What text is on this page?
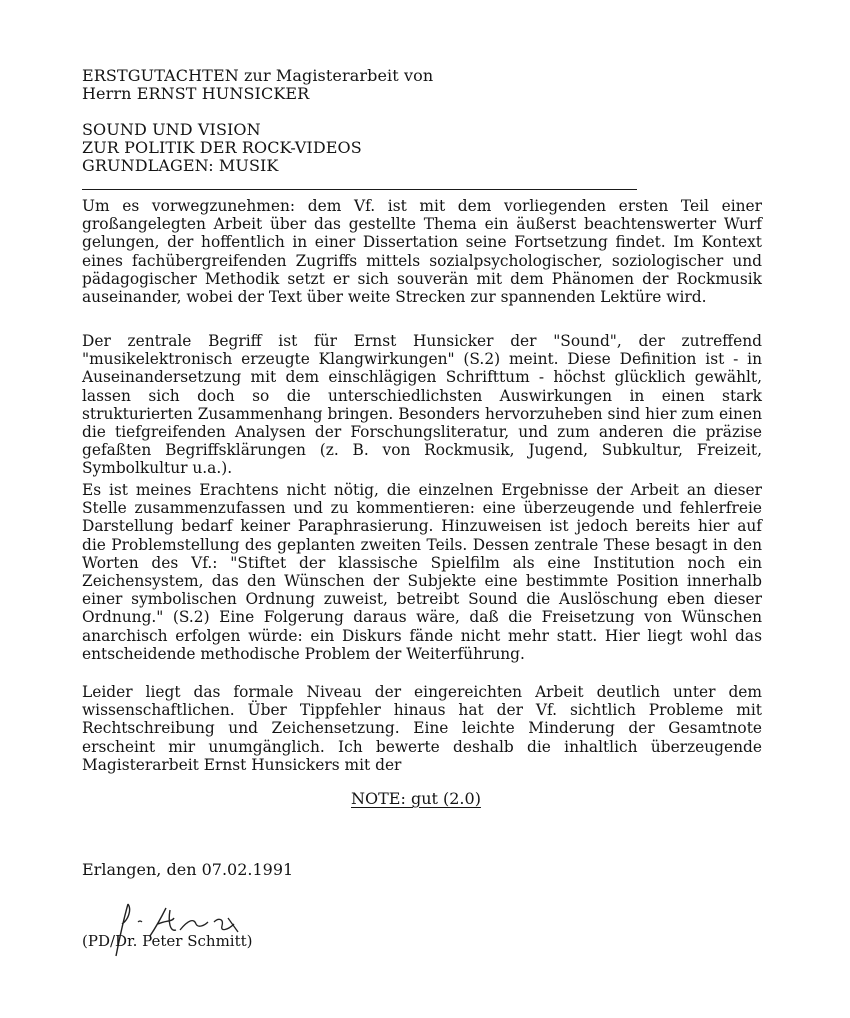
ERSTGUTACHTEN zur Magisterarbeit von
Herrn ERNST HUNSICKER
SOUND UND VISION
ZUR POLITIK DER ROCK-VIDEOS
GRUNDLAGEN: MUSIK

Um es vorwegzunehmen: dem Vf. ist mit dem vorliegenden ersten Teil einer großangelegten Arbeit über das gestellte Thema ein äußerst beachtenswerter Wurf gelungen, der hoffentlich in einer Dissertation seine Fortsetzung findet. Im Kontext eines fachübergreifenden Zugriffs mittels sozialpsychologischer, soziologischer und pädagogischer Methodik setzt er sich souverän mit dem Phänomen der Rockmusik auseinander, wobei der Text über weite Strecken zur spannenden Lektüre wird.

Der zentrale Begriff ist für Ernst Hunsicker der "Sound", der zutreffend "musikelektronisch erzeugte Klangwirkungen" (S.2) meint. Diese Definition ist - in Auseinandersetzung mit dem einschlägigen Schrifttum - höchst glücklich gewählt, lassen sich doch so die unterschiedlichsten Auswirkungen in einen stark strukturierten Zusammenhang bringen. Besonders hervorzuheben sind hier zum einen die tiefgreifenden Analysen der Forschungsliteratur, und zum anderen die präzise gefaßten Begriffsklärungen (z. B. von Rockmusik, Jugend, Subkultur, Freizeit, Symbolkultur u.a.).

Es ist meines Erachtens nicht nötig, die einzelnen Ergebnisse der Arbeit an dieser Stelle zusammenzufassen und zu kommentieren: eine überzeugende und fehlerfreie Darstellung bedarf keiner Paraphrasierung. Hinzuweisen ist jedoch bereits hier auf die Problemstellung des geplanten zweiten Teils. Dessen zentrale These besagt in den Worten des Vf.: "Stiftet der klassische Spielfilm als eine Institution noch ein Zeichensystem, das den Wünschen der Subjekte eine bestimmte Position innerhalb einer symbolischen Ordnung zuweist, betreibt Sound die Auslöschung eben dieser Ordnung." (S.2) Eine Folgerung daraus wäre, daß die Freisetzung von Wünschen anarchisch erfolgen würde: ein Diskurs fände nicht mehr statt. Hier liegt wohl das entscheidende methodische Problem der Weiterführung.

Leider liegt das formale Niveau der eingereichten Arbeit deutlich unter dem wissenschaftlichen. Über Tippfehler hinaus hat der Vf. sichtlich Probleme mit Rechtschreibung und Zeichensetzung. Eine leichte Minderung der Gesamtnote erscheint mir unumgänglich. Ich bewerte deshalb die inhaltlich überzeugende Magisterarbeit Ernst Hunsickers mit der

NOTE: gut (2.0)
Erlangen, den 07.02.1991
(PD/Dr. Peter Schmitt)
